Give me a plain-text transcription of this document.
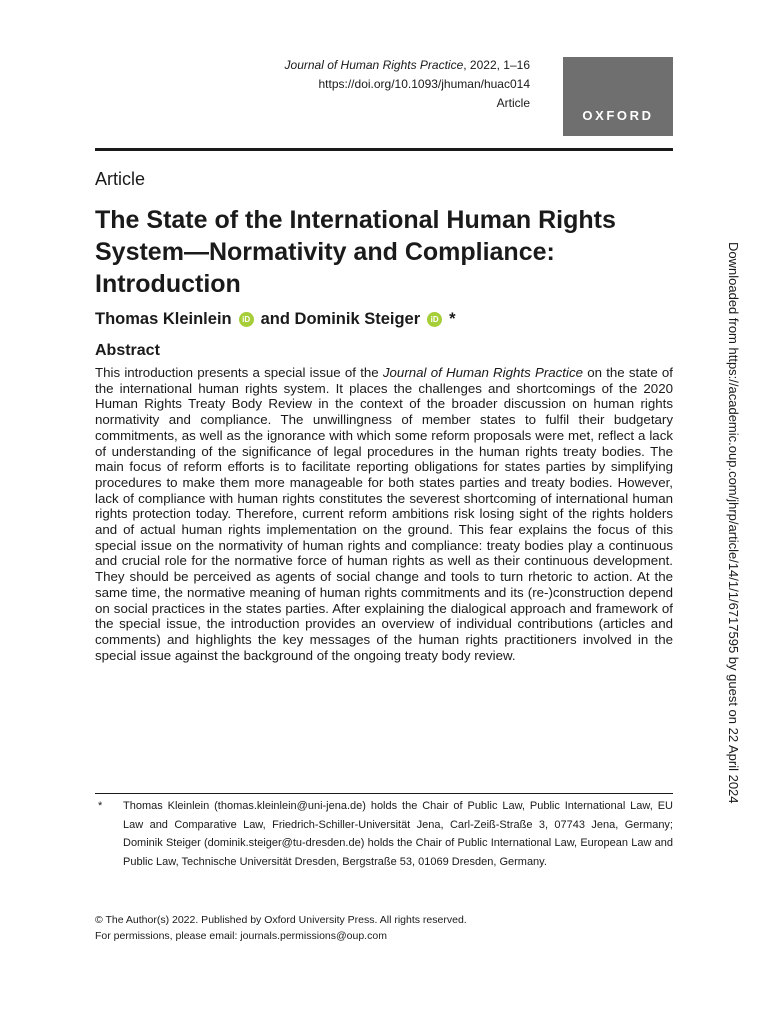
Journal of Human Rights Practice, 2022, 1–16
https://doi.org/10.1093/jhuman/huac014
Article
OXFORD
Article
The State of the International Human Rights System—Normativity and Compliance: Introduction
Thomas Kleinlein	iD and Dominik Steiger	iD *
Abstract

This introduction presents a special issue of the Journal of Human Rights Practice on the state of the international human rights system. It places the challenges and shortcomings of the 2020 Human Rights Treaty Body Review in the context of the broader discussion on human rights normativity and compliance. The unwillingness of member states to fulfil their budgetary commitments, as well as the ignorance with which some reform proposals were met, reflect a lack of understanding of the significance of legal procedures in the human rights treaty bodies. The main focus of reform efforts is to facilitate reporting obligations for states parties by simplifying procedures to make them more manageable for both states parties and treaty bodies. However, lack of compliance with human rights constitutes the severest shortcoming of international human rights protection today. Therefore, current reform ambitions risk losing sight of the rights holders and of actual human rights implementation on the ground. This fear explains the focus of this special issue on the normativity of human rights and compliance: treaty bodies play a continuous and crucial role for the normative force of human rights as well as their continuous development. They should be perceived as agents of social change and tools to turn rhetoric to action. At the same time, the normative meaning of human rights commitments and its (re-)construction depend on social practices in the states parties. After explaining the dialogical approach and framework of the special issue, the introduction provides an overview of individual contributions (articles and comments) and highlights the key messages of the human rights practitioners involved in the special issue against the background of the ongoing treaty body review.

*	Thomas Kleinlein (thomas.kleinlein@uni-jena.de) holds the Chair of Public Law, Public International Law, EU Law and Comparative Law, Friedrich-Schiller-Universität Jena, Carl-Zeiß-Straße 3, 07743 Jena, Germany; Dominik Steiger (dominik.steiger@tu-dresden.de) holds the Chair of Public International Law, European Law and Public Law, Technische Universität Dresden, Bergstraße 53, 01069 Dresden, Germany.
© The Author(s) 2022. Published by Oxford University Press. All rights reserved.
For permissions, please email: journals.permissions@oup.com
Downloaded from https://academic.oup.com/jhrp/article/14/1/1/6717595 by guest on 22 April 2024
